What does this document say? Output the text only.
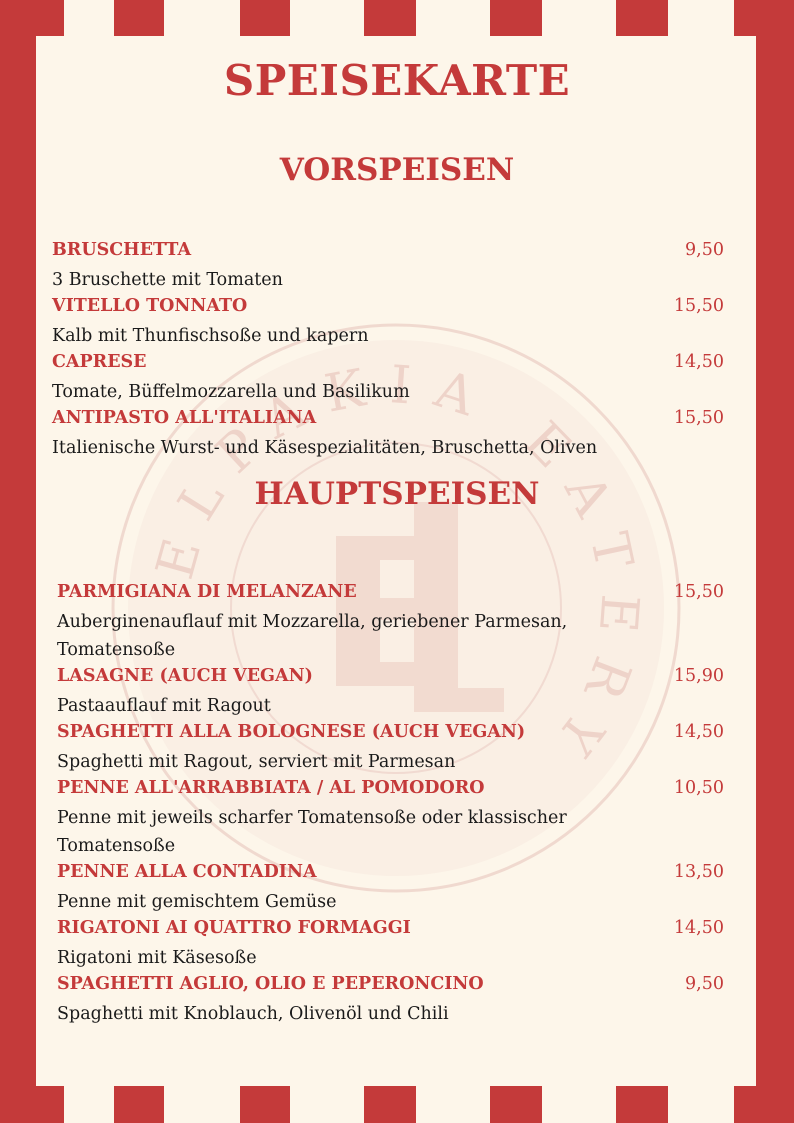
ELPAKIA EATERY
SPEISEKARTE
VORSPEISEN
HAUPTSPEISEN
BRUSCHETTA	9,50
3 Bruschette mit Tomaten
VITELLO TONNATO	15,50
Kalb mit Thunfischsoße und kapern
CAPRESE	14,50
Tomate, Büffelmozzarella und Basilikum
ANTIPASTO ALL'ITALIANA	15,50
Italienische Wurst- und Käsespezialitäten, Bruschetta, Oliven
PARMIGIANA DI MELANZANE	15,50
Auberginenauflauf mit Mozzarella, geriebener Parmesan, Tomatensoße
LASAGNE (AUCH VEGAN)	15,90
Pastaauflauf mit Ragout
SPAGHETTI ALLA BOLOGNESE (AUCH VEGAN)	14,50
Spaghetti mit Ragout, serviert mit Parmesan
PENNE ALL'ARRABBIATA / AL POMODORO	10,50
Penne mit jeweils scharfer Tomatensoße oder klassischer Tomatensoße
PENNE ALLA CONTADINA	13,50
Penne mit gemischtem Gemüse
RIGATONI AI QUATTRO FORMAGGI	14,50
Rigatoni mit Käsesoße
SPAGHETTI AGLIO, OLIO E PEPERONCINO	9,50
Spaghetti mit Knoblauch, Olivenöl und Chili
